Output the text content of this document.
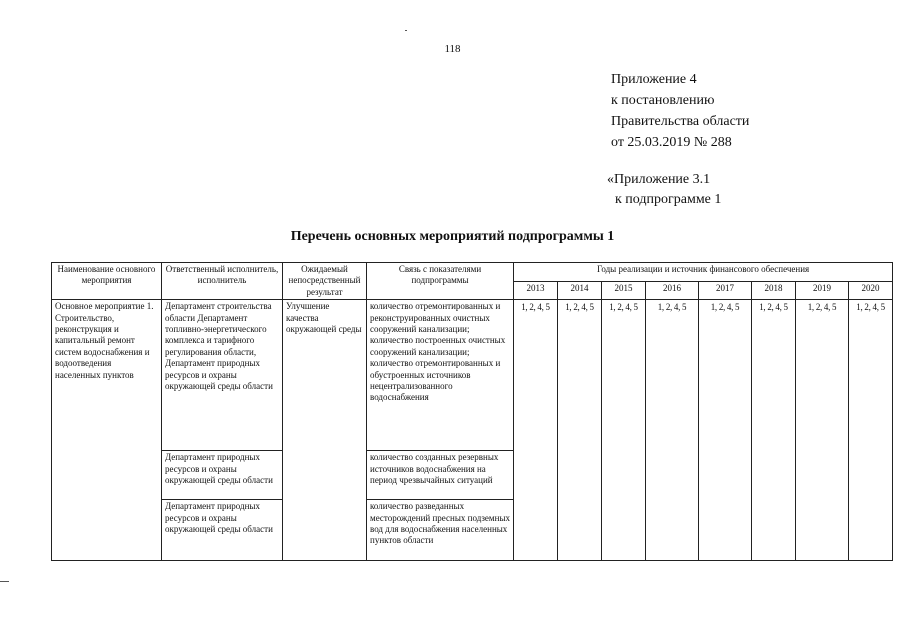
118
Приложение 4
к постановлению
Правительства области
от 25.03.2019 № 288
«Приложение 3.1
к подпрограмме 1
Перечень основных мероприятий подпрограммы 1
Наименование основного мероприятия	Ответственный исполнитель, исполнитель	Ожидаемый непосредственный результат	Связь с показателями подпрограммы	Годы реализации и источник финансового обеспечения							
				2013	2014	2015	2016	2017	2018	2019	2020
Основное мероприятие 1. Строительство, реконструкция и капитальный ремонт систем водоснабжения и водоотведения населенных пунктов	Департамент строительства области Департамент топливно-энергетического комплекса и тарифного регулирования области, Департамент природных ресурсов и охраны окружающей среды области	Улучшение качества окружающей среды	количество отремонтированных и реконструированных очистных сооружений канализации; количество построенных очистных сооружений канализации; количество отремонтированных и обустроенных источников нецентрализованного водоснабжения	1, 2, 4, 5	1, 2, 4, 5	1, 2, 4, 5	1, 2, 4, 5	1, 2, 4, 5	1, 2, 4, 5	1, 2, 4, 5	1, 2, 4, 5
	Департамент природных ресурсов и охраны окружающей среды области		количество созданных резервных источников водоснабжения на период чрезвычайных ситуаций								
	Департамент природных ресурсов и охраны окружающей среды области		количество разведанных месторождений пресных подземных вод для водоснабжения населенных пунктов области								
